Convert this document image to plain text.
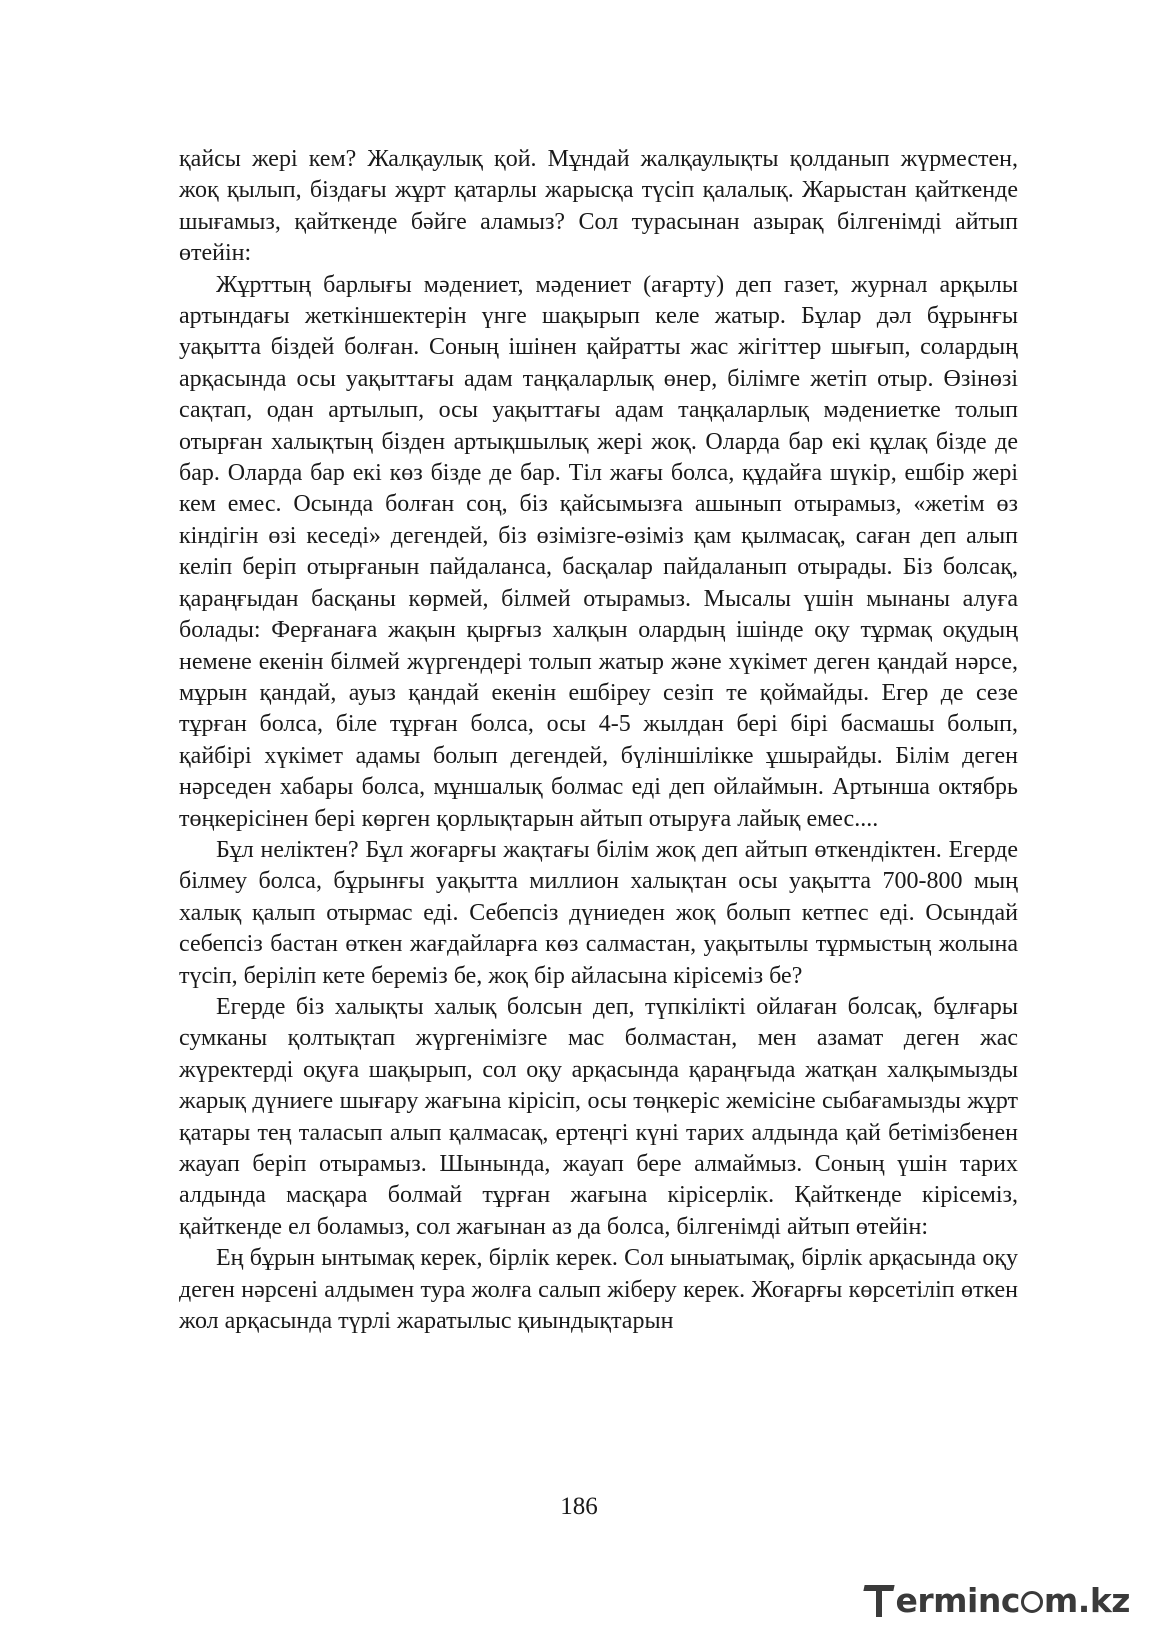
қайсы жері кем? Жалқаулық қой. Мұндай жалқаулықты қолданып жүрместен, жоқ қылып, біздағы жұрт қатарлы жарысқа түсіп қалалық. Жарыстан қайткенде шығамыз, қайткенде бәйге аламыз? Сол турасынан азырақ білгенімді айтып өтейін:

Жұрттың барлығы мәдениет, мәдениет (ағарту) деп газет, журнал арқылы артындағы жеткіншектерін үнге шақырып келе жатыр. Бұлар дәл бұрынғы уақытта біздей болған. Соның ішінен қайратты жас жігіттер шығып, солардың арқасында осы уақыттағы адам таңқаларлық өнер, білімге жетіп отыр. Өзінөзі сақтап, одан артылып, осы уақыттағы адам таңқаларлық мәдениетке толып отырған халықтың бізден артықшылық жері жоқ. Оларда бар екі құлақ бізде де бар. Оларда бар екі көз бізде де бар. Тіл жағы болса, құдайға шүкір, ешбір жері кем емес. Осында болған соң, біз қайсымызға ашынып отырамыз, «жетім өз кіндігін өзі кеседі» дегендей, біз өзімізге-өзіміз қам қылмасақ, саған деп алып келіп беріп отырғанын пайдаланса, басқалар пайдаланып отырады. Біз болсақ, қараңғыдан басқаны көрмей, білмей отырамыз. Мысалы үшін мынаны алуға болады: Ферғанаға жақын қырғыз халқын олардың ішінде оқу тұрмақ оқудың немене екенін білмей жүргендері толып жатыр және хүкімет деген қандай нәрсе, мұрын қандай, ауыз қандай екенін ешбіреу сезіп те қоймайды. Егер де сезе тұрған болса, біле тұрған болса, осы 4-5 жылдан бері бірі басмашы болып, қайбірі хүкімет адамы болып дегендей, бүліншілікке ұшырайды. Білім деген нәрседен хабары болса, мұншалық болмас еді деп ойлаймын. Артынша октябрь төңкерісінен бері көрген қорлықтарын айтып отыруға лайық емес....

Бұл неліктен? Бұл жоғарғы жақтағы білім жоқ деп айтып өткендіктен. Егерде білмеу болса, бұрынғы уақытта миллион халықтан осы уақытта 700-800 мың халық қалып отырмас еді. Себепсіз дүниеден жоқ болып кетпес еді. Осындай себепсіз бастан өткен жағдайларға көз салмастан, уақытылы тұрмыстың жолына түсіп, беріліп кете береміз бе, жоқ бір айласына кірісеміз бе?

Егерде біз халықты халық болсын деп, түпкілікті ойлаған болсақ, бұлғары сумканы қолтықтап жүргенімізге мас болмастан, мен азамат деген жас жүректерді оқуға шақырып, сол оқу арқасында қараңғыда жатқан халқымызды жарық дүниеге шығару жағына кірісіп, осы төңкеріс жемісіне сыбағамызды жұрт қатары тең таласып алып қалмасақ, ертеңгі күні тарих алдында қай бетімізбенен жауап беріп отырамыз. Шынында, жауап бере алмаймыз. Соның үшін тарих алдында масқара болмай тұрған жағына кірісерлік. Қайткенде кірісеміз, қайткенде ел боламыз, сол жағынан аз да болса, білгенімді айтып өтейін:

Ең бұрын ынтымақ керек, бірлік керек. Сол ыныатымақ, бірлік арқасында оқу деген нәрсені алдымен тура жолға салып жіберу керек. Жоғарғы көрсетіліп өткен жол арқасында түрлі жаратылыс қиындықтарын

186
erminc m.kz
